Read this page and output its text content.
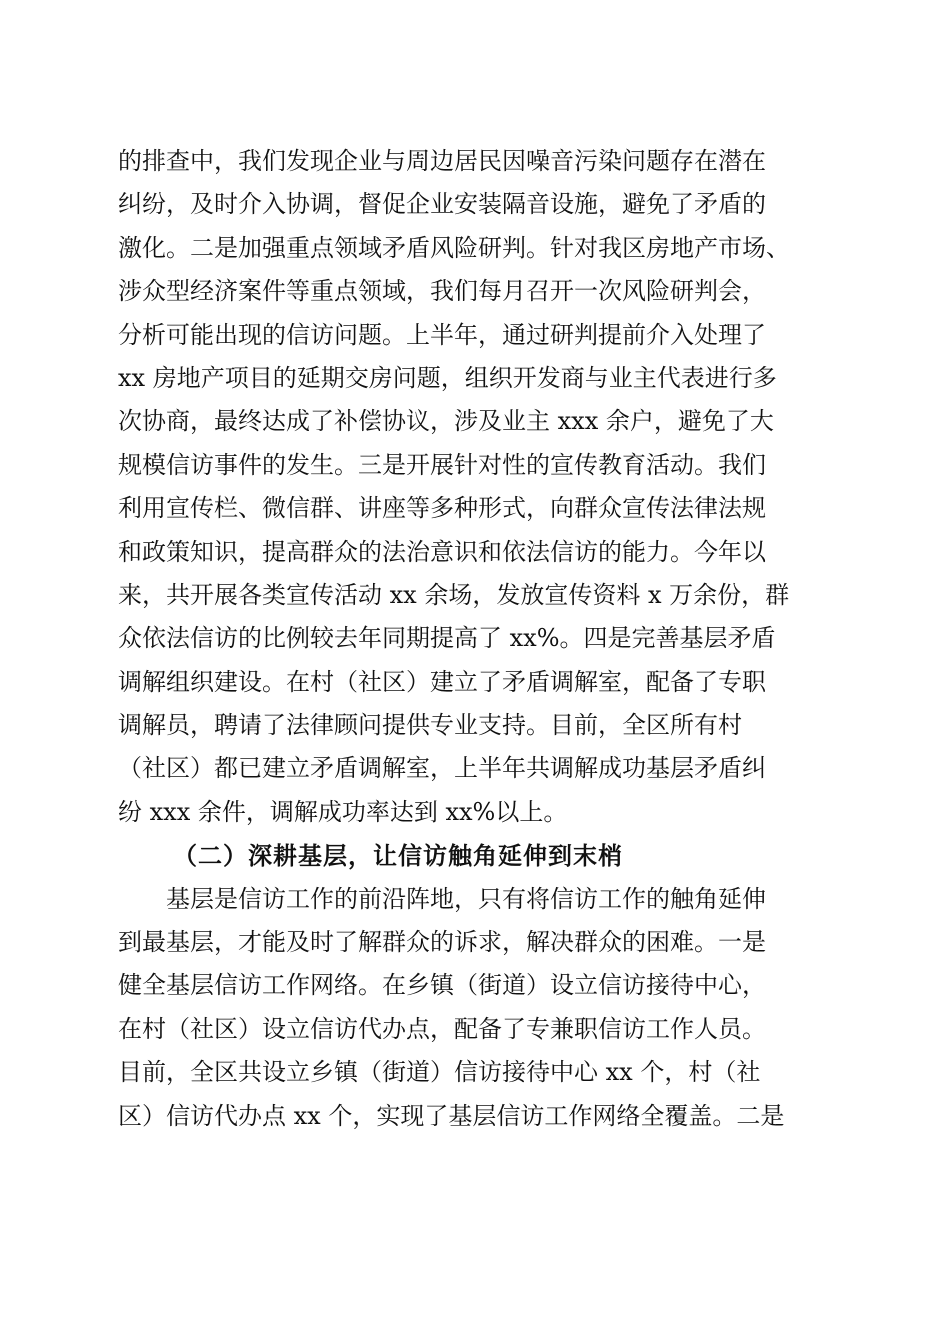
的排查中，我们发现企业与周边居民因噪音污染问题存在潜在
纠纷，及时介入协调，督促企业安装隔音设施，避免了矛盾的
激化。二是加强重点领域矛盾风险研判。针对我区房地产市场、
涉众型经济案件等重点领域，我们每月召开一次风险研判会，
分析可能出现的信访问题。上半年，通过研判提前介入处理了
xx 房地产项目的延期交房问题，组织开发商与业主代表进行多
次协商，最终达成了补偿协议，涉及业主 xxx 余户，避免了大
规模信访事件的发生。三是开展针对性的宣传教育活动。我们
利用宣传栏、微信群、讲座等多种形式，向群众宣传法律法规
和政策知识，提高群众的法治意识和依法信访的能力。今年以
来，共开展各类宣传活动 xx 余场，发放宣传资料 x 万余份，群
众依法信访的比例较去年同期提高了 xx%。四是完善基层矛盾
调解组织建设。在村（社区）建立了矛盾调解室，配备了专职
调解员，聘请了法律顾问提供专业支持。目前，全区所有村
（社区）都已建立矛盾调解室，上半年共调解成功基层矛盾纠
纷 xxx 余件，调解成功率达到 xx%以上。
（二）深耕基层，让信访触角延伸到末梢
基层是信访工作的前沿阵地，只有将信访工作的触角延伸
到最基层，才能及时了解群众的诉求，解决群众的困难。一是
健全基层信访工作网络。在乡镇（街道）设立信访接待中心，
在村（社区）设立信访代办点，配备了专兼职信访工作人员。
目前，全区共设立乡镇（街道）信访接待中心 xx 个，村（社
区）信访代办点 xx 个，实现了基层信访工作网络全覆盖。二是
